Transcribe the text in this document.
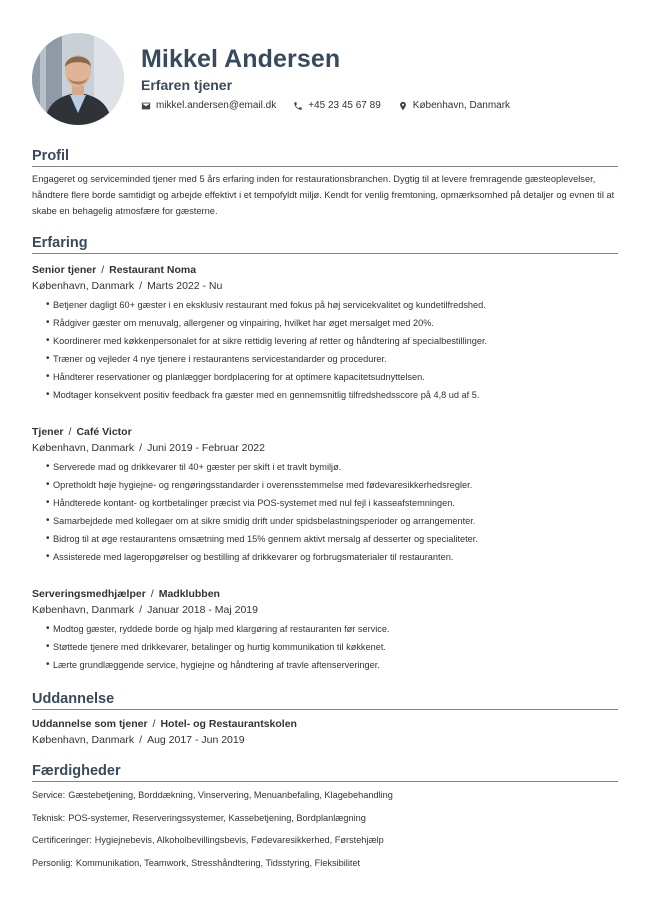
Mikkel Andersen
Erfaren tjener
mikkel.andersen@email.dk	+45 23 45 67 89	København, Danmark
Profil

Engageret og serviceminded tjener med 5 års erfaring inden for restaurationsbranchen. Dygtig til at levere fremragende gæsteoplevelser, håndtere flere borde samtidigt og arbejde effektivt i et tempofyldt miljø. Kendt for venlig fremtoning, opmærksomhed på detaljer og evnen til at skabe en behagelig atmosfære for gæsterne.

Erfaring
Senior tjener / Restaurant Noma
København, Danmark / Marts 2022 - Nu
• Betjener dagligt 60+ gæster i en eksklusiv restaurant med fokus på høj servicekvalitet og kundetilfredshed.
• Rådgiver gæster om menuvalg, allergener og vinpairing, hvilket har øget mersalget med 20%.
• Koordinerer med køkkenpersonalet for at sikre rettidig levering af retter og håndtering af specialbestillinger.
• Træner og vejleder 4 nye tjenere i restaurantens servicestandarder og procedurer.
• Håndterer reservationer og planlægger bordplacering for at optimere kapacitetsudnyttelsen.
• Modtager konsekvent positiv feedback fra gæster med en gennemsnitlig tilfredshedsscore på 4,8 ud af 5.
Tjener / Café Victor
København, Danmark / Juni 2019 - Februar 2022
• Serverede mad og drikkevarer til 40+ gæster per skift i et travlt bymiljø.
• Opretholdt høje hygiejne- og rengøringsstandarder i overensstemmelse med fødevaresikkerhedsregler.
• Håndterede kontant- og kortbetalinger præcist via POS-systemet med nul fejl i kasseafstemningen.
• Samarbejdede med kollegaer om at sikre smidig drift under spidsbelastningsperioder og arrangementer.
• Bidrog til at øge restaurantens omsætning med 15% gennem aktivt mersalg af desserter og specialiteter.
• Assisterede med lageropgørelser og bestilling af drikkevarer og forbrugsmaterialer til restauranten.
Serveringsmedhjælper / Madklubben
København, Danmark / Januar 2018 - Maj 2019
• Modtog gæster, ryddede borde og hjalp med klargøring af restauranten før service.
• Støttede tjenere med drikkevarer, betalinger og hurtig kommunikation til køkkenet.
• Lærte grundlæggende service, hygiejne og håndtering af travle aftenserveringer.
Uddannelse
Uddannelse som tjener / Hotel- og Restaurantskolen
København, Danmark / Aug 2017 - Jun 2019
Færdigheder
Service: Gæstebetjening, Borddækning, Vinservering, Menuanbefaling, Klagebehandling
Teknisk: POS-systemer, Reserveringssystemer, Kassebetjening, Bordplanlægning
Certificeringer: Hygiejnebevis, Alkoholbevillingsbevis, Fødevaresikkerhed, Førstehjælp
Personlig: Kommunikation, Teamwork, Stresshåndtering, Tidsstyring, Fleksibilitet
